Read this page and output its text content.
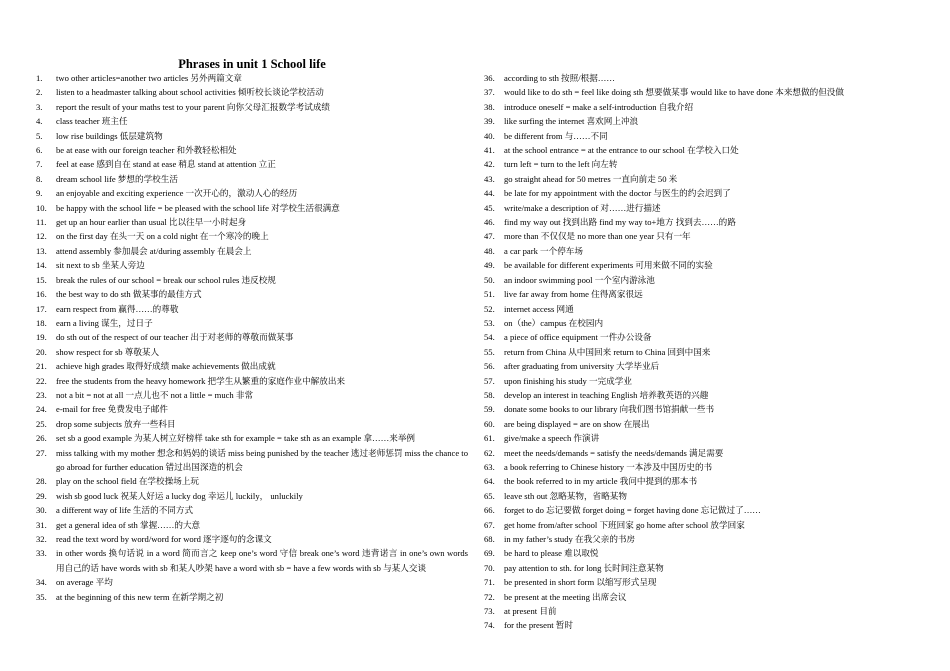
Phrases in unit 1 School life
1.	two other articles=another two articles 另外两篇文章
2.	listen to a headmaster talking about school activities 倾听校长谈论学校活动
3.	report the result of your maths test to your parent 向你父母汇报数学考试成绩
4.	class teacher 班主任
5.	low rise buildings 低层建筑物
6.	be at ease with our foreign teacher 和外教轻松相处
7.	feel at ease 感到自在 stand at ease 稍息 stand at attention 立正
8.	dream school life 梦想的学校生活
9.	an enjoyable and exciting experience 一次开心的，激动人心的经历
10.	be happy with the school life = be pleased with the school life 对学校生活很满意
11.	get up an hour earlier than usual 比以往早一小时起身
12.	on the first day 在头一天 on a cold night 在一个寒冷的晚上
13.	attend assembly 参加晨会 at/during assembly 在晨会上
14.	sit next to sb 坐某人旁边
15.	break the rules of our school = break our school rules 违反校规
16.	the best way to do sth 做某事的最佳方式
17.	earn respect from 赢得……的尊敬
18.	earn a living 谋生，过日子
19.	do sth out of the respect of our teacher 出于对老师的尊敬而做某事
20.	show respect for sb 尊敬某人
21.	achieve high grades 取得好成绩 make achievements 做出成就
22.	free the students from the heavy homework 把学生从繁重的家庭作业中解放出来
23.	not a bit = not at all 一点儿也不 not a little = much 非常
24.	e-mail for free 免费发电子邮件
25.	drop some subjects 放弃一些科目
26.	set sb a good example 为某人树立好榜样 take sth for example = take sth as an example 拿……来举例
27.	miss talking with my mother 想念和妈妈的谈话 miss being punished by the teacher 逃过老师惩罚 miss the chance to go abroad for further education 错过出国深造的机会
28.	play on the school field 在学校操场上玩
29.	wish sb good luck 祝某人好运 a lucky dog 幸运儿 luckily， unluckily
30.	a different way of life 生活的不同方式
31.	get a general idea of sth 掌握……的大意
32.	read the text word by word/word for word 逐字逐句的念课文
33.	in other words 换句话说 in a word 简而言之 keep one’s word 守信 break one’s word 违背诺言 in one’s own words 用自己的话 have words with sb 和某人吵架 have a word with sb = have a few words with sb 与某人交谈
34.	on average 平均
35.	at the beginning of this new term 在新学期之初
36.	according to sth 按照/根据……
37.	would like to do sth = feel like doing sth 想要做某事 would like to have done 本来想做的但没做
38.	introduce oneself = make a self-introduction 自我介绍
39.	like surfing the internet 喜欢网上冲浪
40.	be different from 与……不同
41.	at the school entrance = at the entrance to our school 在学校入口处
42.	turn left = turn to the left 向左转
43.	go straight ahead for 50 metres 一直向前走 50 米
44.	be late for my appointment with the doctor 与医生的约会迟到了
45.	write/make a description of 对……进行描述
46.	find my way out 找到出路 find my way to+地方 找到去……的路
47.	more than 不仅仅是 no more than one year 只有一年
48.	a car park 一个停车场
49.	be available for different experiments 可用来做不同的实验
50.	an indoor swimming pool 一个室内游泳池
51.	live far away from home 住得离家很远
52.	internet access 网通
53.	on（the）campus 在校园内
54.	a piece of office equipment 一件办公设备
55.	return from China 从中国回来 return to China 回到中国来
56.	after graduating from university 大学毕业后
57.	upon finishing his study 一完成学业
58.	develop an interest in teaching English 培养教英语的兴趣
59.	donate some books to our library 向我们图书馆捐献一些书
60.	are being displayed = are on show 在展出
61.	give/make a speech 作演讲
62.	meet the needs/demands = satisfy the needs/demands 满足需要
63.	a book referring to Chinese history 一本涉及中国历史的书
64.	the book referred to in my article 我问中提到的那本书
65.	leave sth out 忽略某物，省略某物
66.	forget to do 忘记要做 forget doing = forget having done 忘记做过了……
67.	get home from/after school 下班回家 go home after school 放学回家
68.	in my father’s study 在我父亲的书房
69.	be hard to please 难以取悦
70.	pay attention to sth. for long 长时间注意某物
71.	be presented in short form 以缩写形式呈现
72.	be present at the meeting 出席会议
73.	at present 目前
74.	for the present 暂时
